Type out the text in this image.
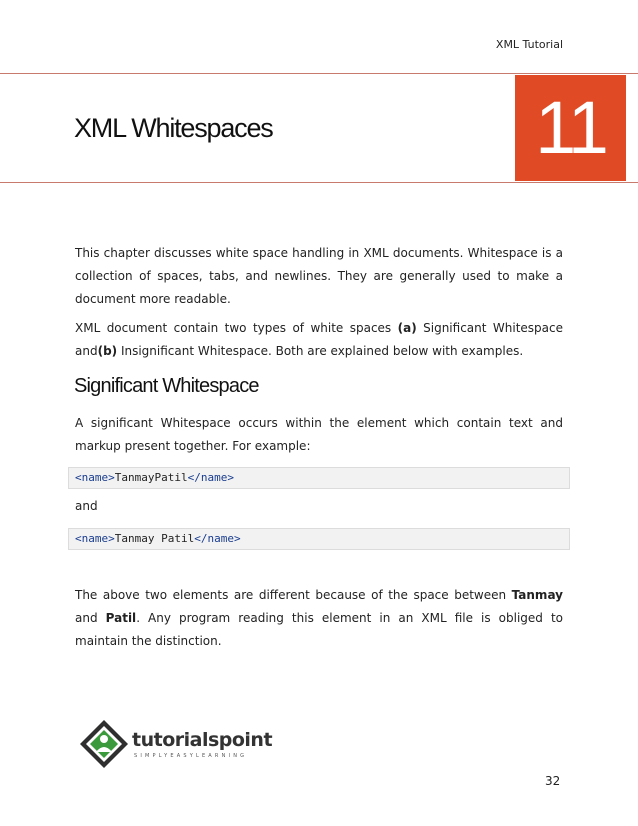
XML Tutorial
XML Whitespaces	11
This chapter discusses white space handling in XML documents. Whitespace is a collection of spaces, tabs, and newlines. They are generally used to make a document more readable.
XML document contain two types of white spaces (a) Significant Whitespace and(b) Insignificant Whitespace. Both are explained below with examples.
Significant Whitespace
A significant Whitespace occurs within the element which contain text and markup present together. For example:
<name>TanmayPatil</name>
and
<name>Tanmay Patil</name>
The above two elements are different because of the space between Tanmay and Patil. Any program reading this element in an XML file is obliged to maintain the distinction.
tutorialspoint
SIMPLYEASYLEARNING
32
